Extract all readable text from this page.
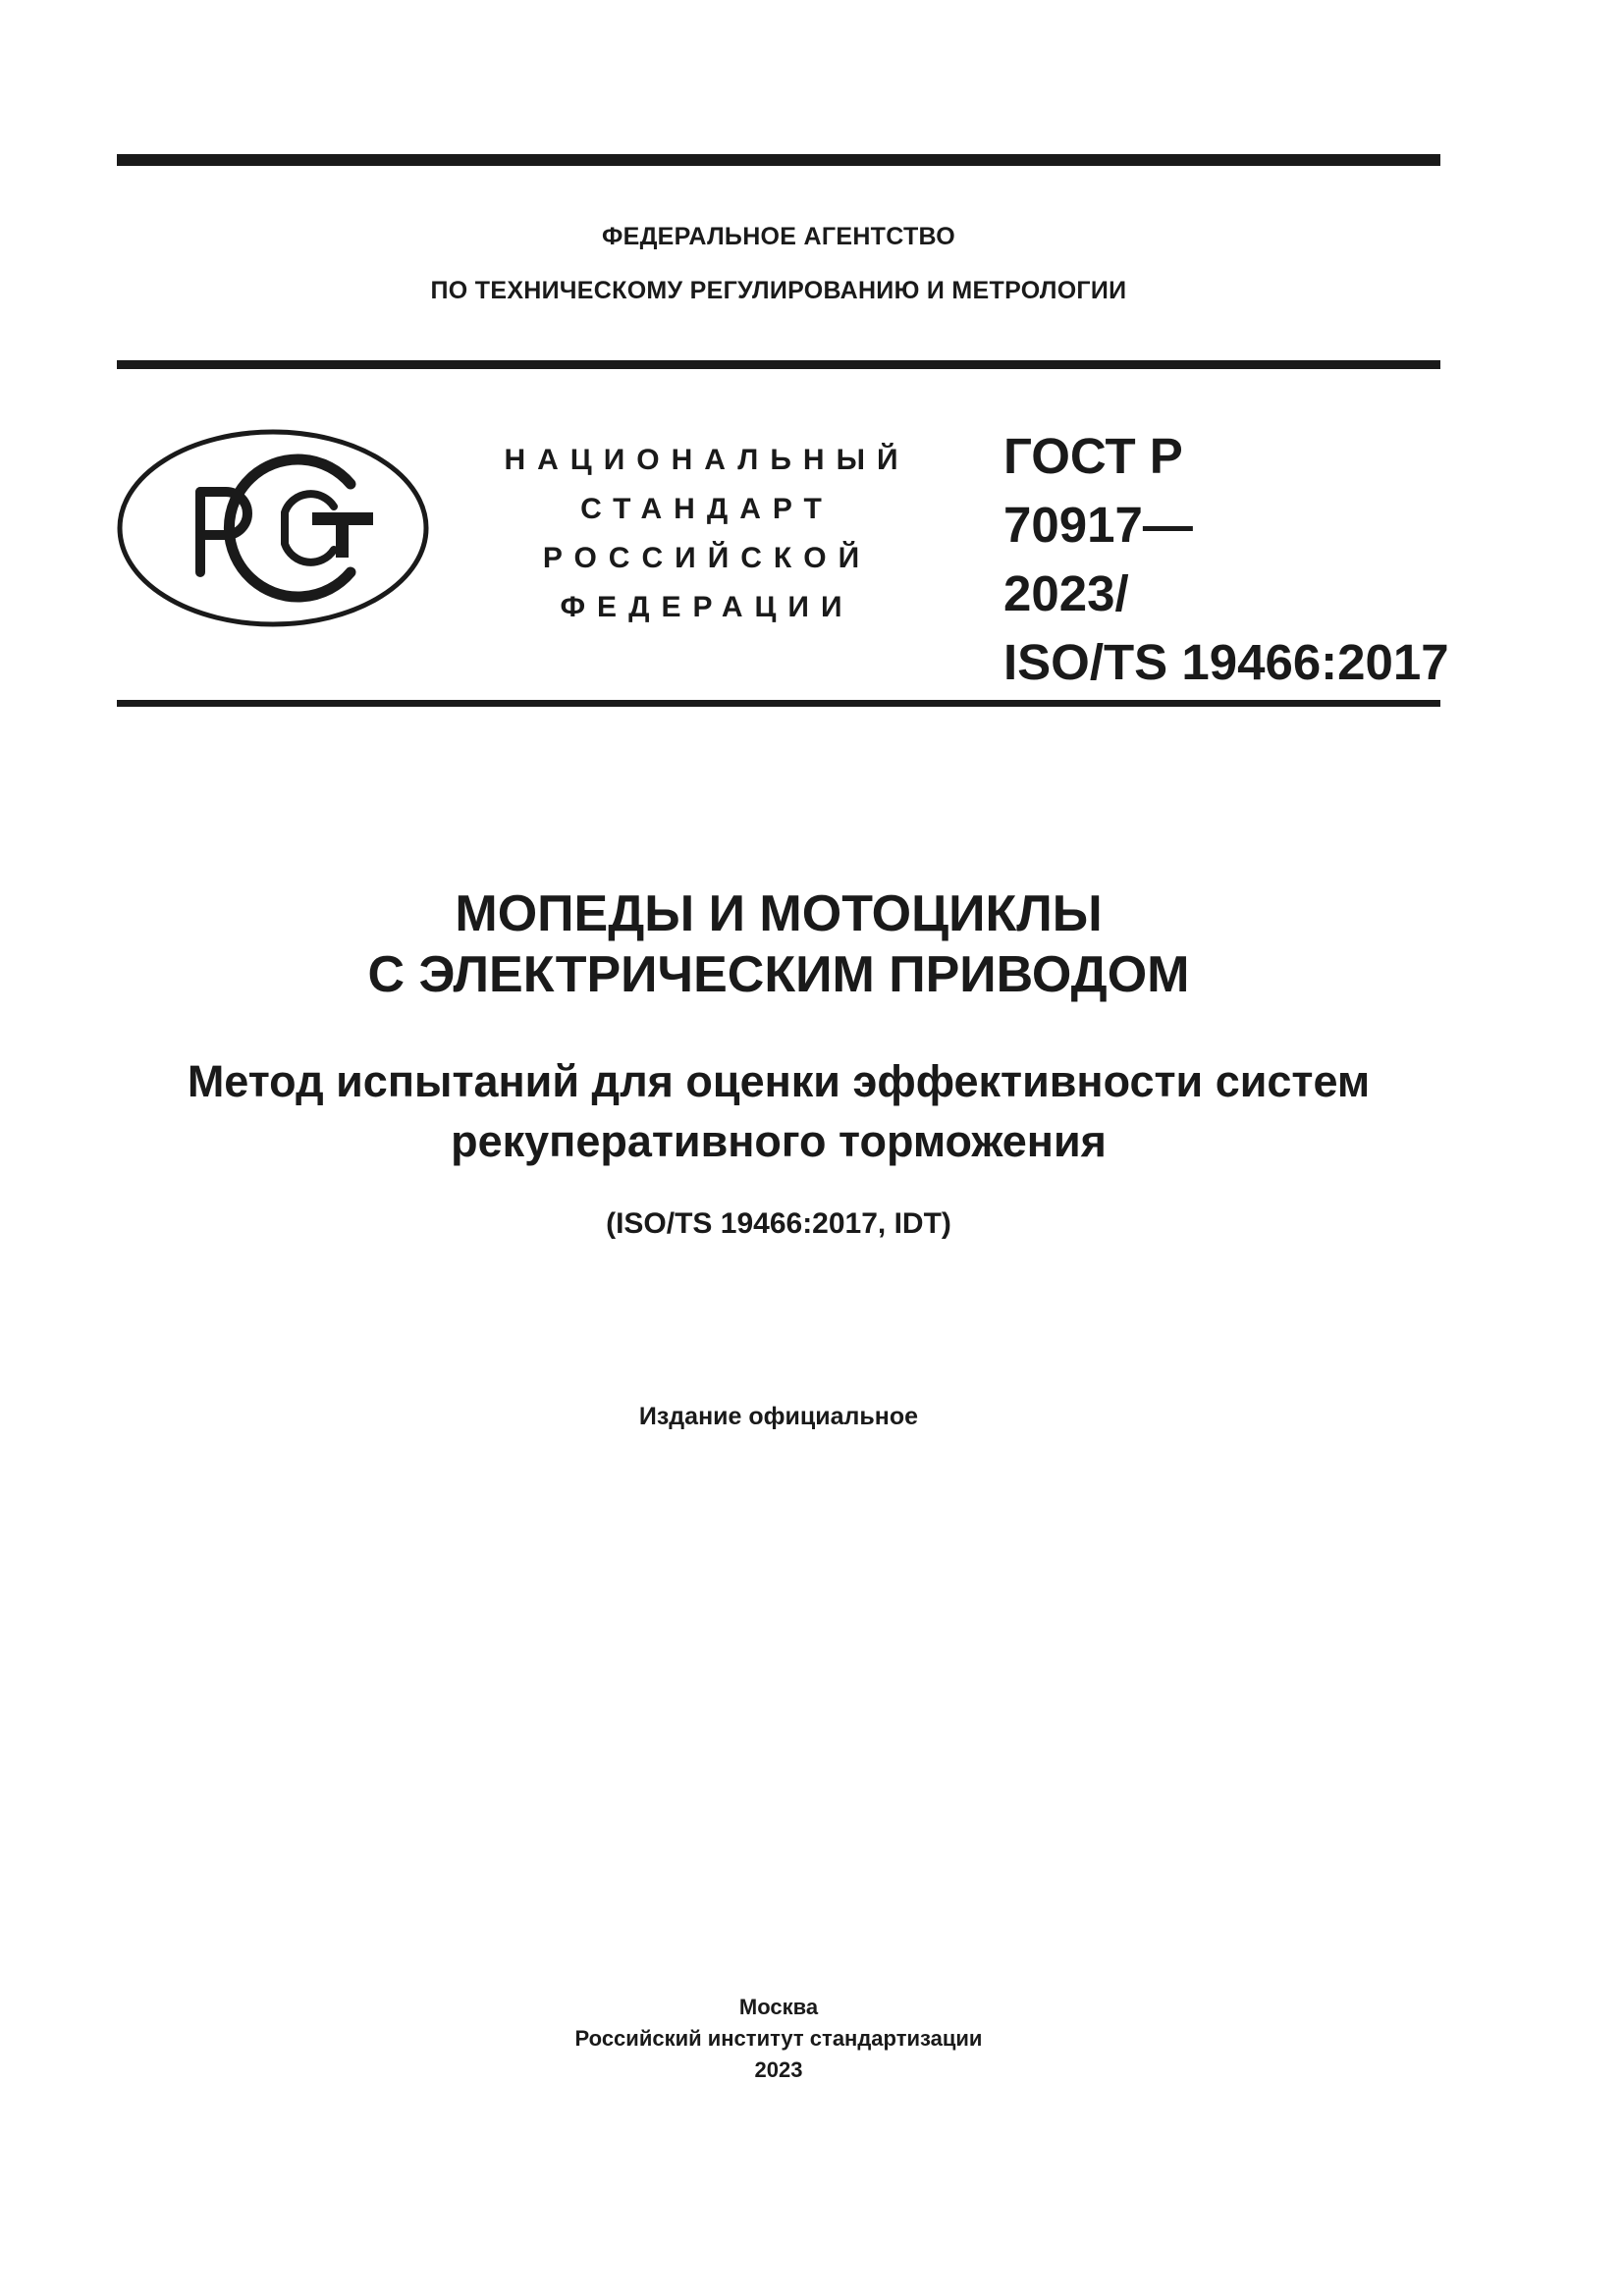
ФЕДЕРАЛЬНОЕ АГЕНТСТВО
ПО ТЕХНИЧЕСКОМУ РЕГУЛИРОВАНИЮ И МЕТРОЛОГИИ
НАЦИОНАЛЬНЫЙ
СТАНДАРТ
РОССИЙСКОЙ
ФЕДЕРАЦИИ
ГОСТ Р
70917—
2023/
ISO/TS 19466:2017
МОПЕДЫ И МОТОЦИКЛЫ
С ЭЛЕКТРИЧЕСКИМ ПРИВОДОМ
Метод испытаний для оценки эффективности систем
рекуперативного торможения
(ISO/TS 19466:2017, IDT)
Издание официальное
Москва
Российский институт стандартизации
2023
